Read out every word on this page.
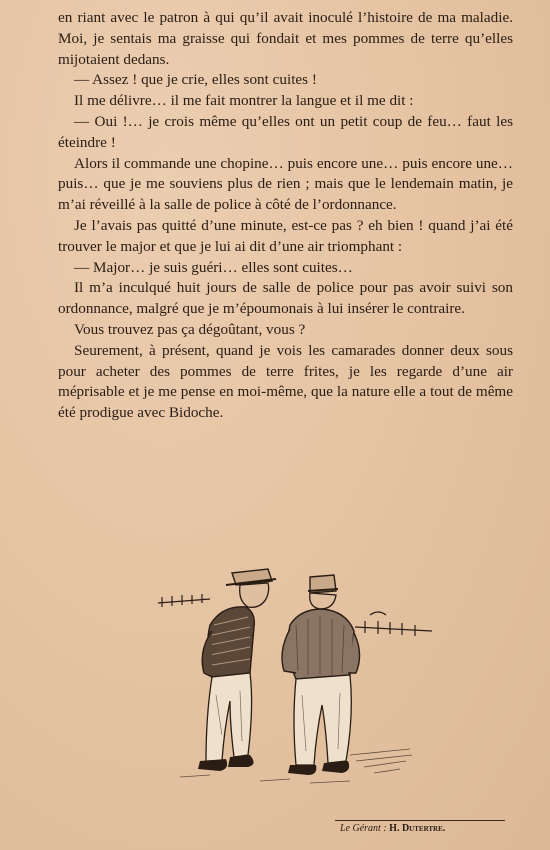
en riant avec le patron à qui qu’il avait inoculé l’histoire de ma maladie. Moi, je sentais ma graisse qui fondait et mes pommes de terre qu’elles mijotaient dedans.

— Assez ! que je crie, elles sont cuites !

Il me délivre… il me fait montrer la langue et il me dit :

— Oui !… je crois même qu’elles ont un petit coup de feu… faut les éteindre !

Alors il commande une chopine… puis encore une… puis encore une… puis… que je me souviens plus de rien ; mais que le lendemain matin, je m’ai réveillé à la salle de police à côté de l’ordonnance.

Je l’avais pas quitté d’une minute, est-ce pas ? eh bien ! quand j’ai été trouver le major et que je lui ai dit d’une air triomphant :

— Major… je suis guéri… elles sont cuites…

Il m’a inculqué huit jours de salle de police pour pas avoir suivi son ordonnance, malgré que je m’époumonais à lui insérer le contraire.

Vous trouvez pas ça dégoûtant, vous ?

Seurement, à présent, quand je vois les camarades donner deux sous pour acheter des pommes de terre frites, je les regarde d’une air méprisable et je me pense en moi-même, que la nature elle a tout de même été prodigue avec Bidoche.

Le Gérant : H. Dutertre.
